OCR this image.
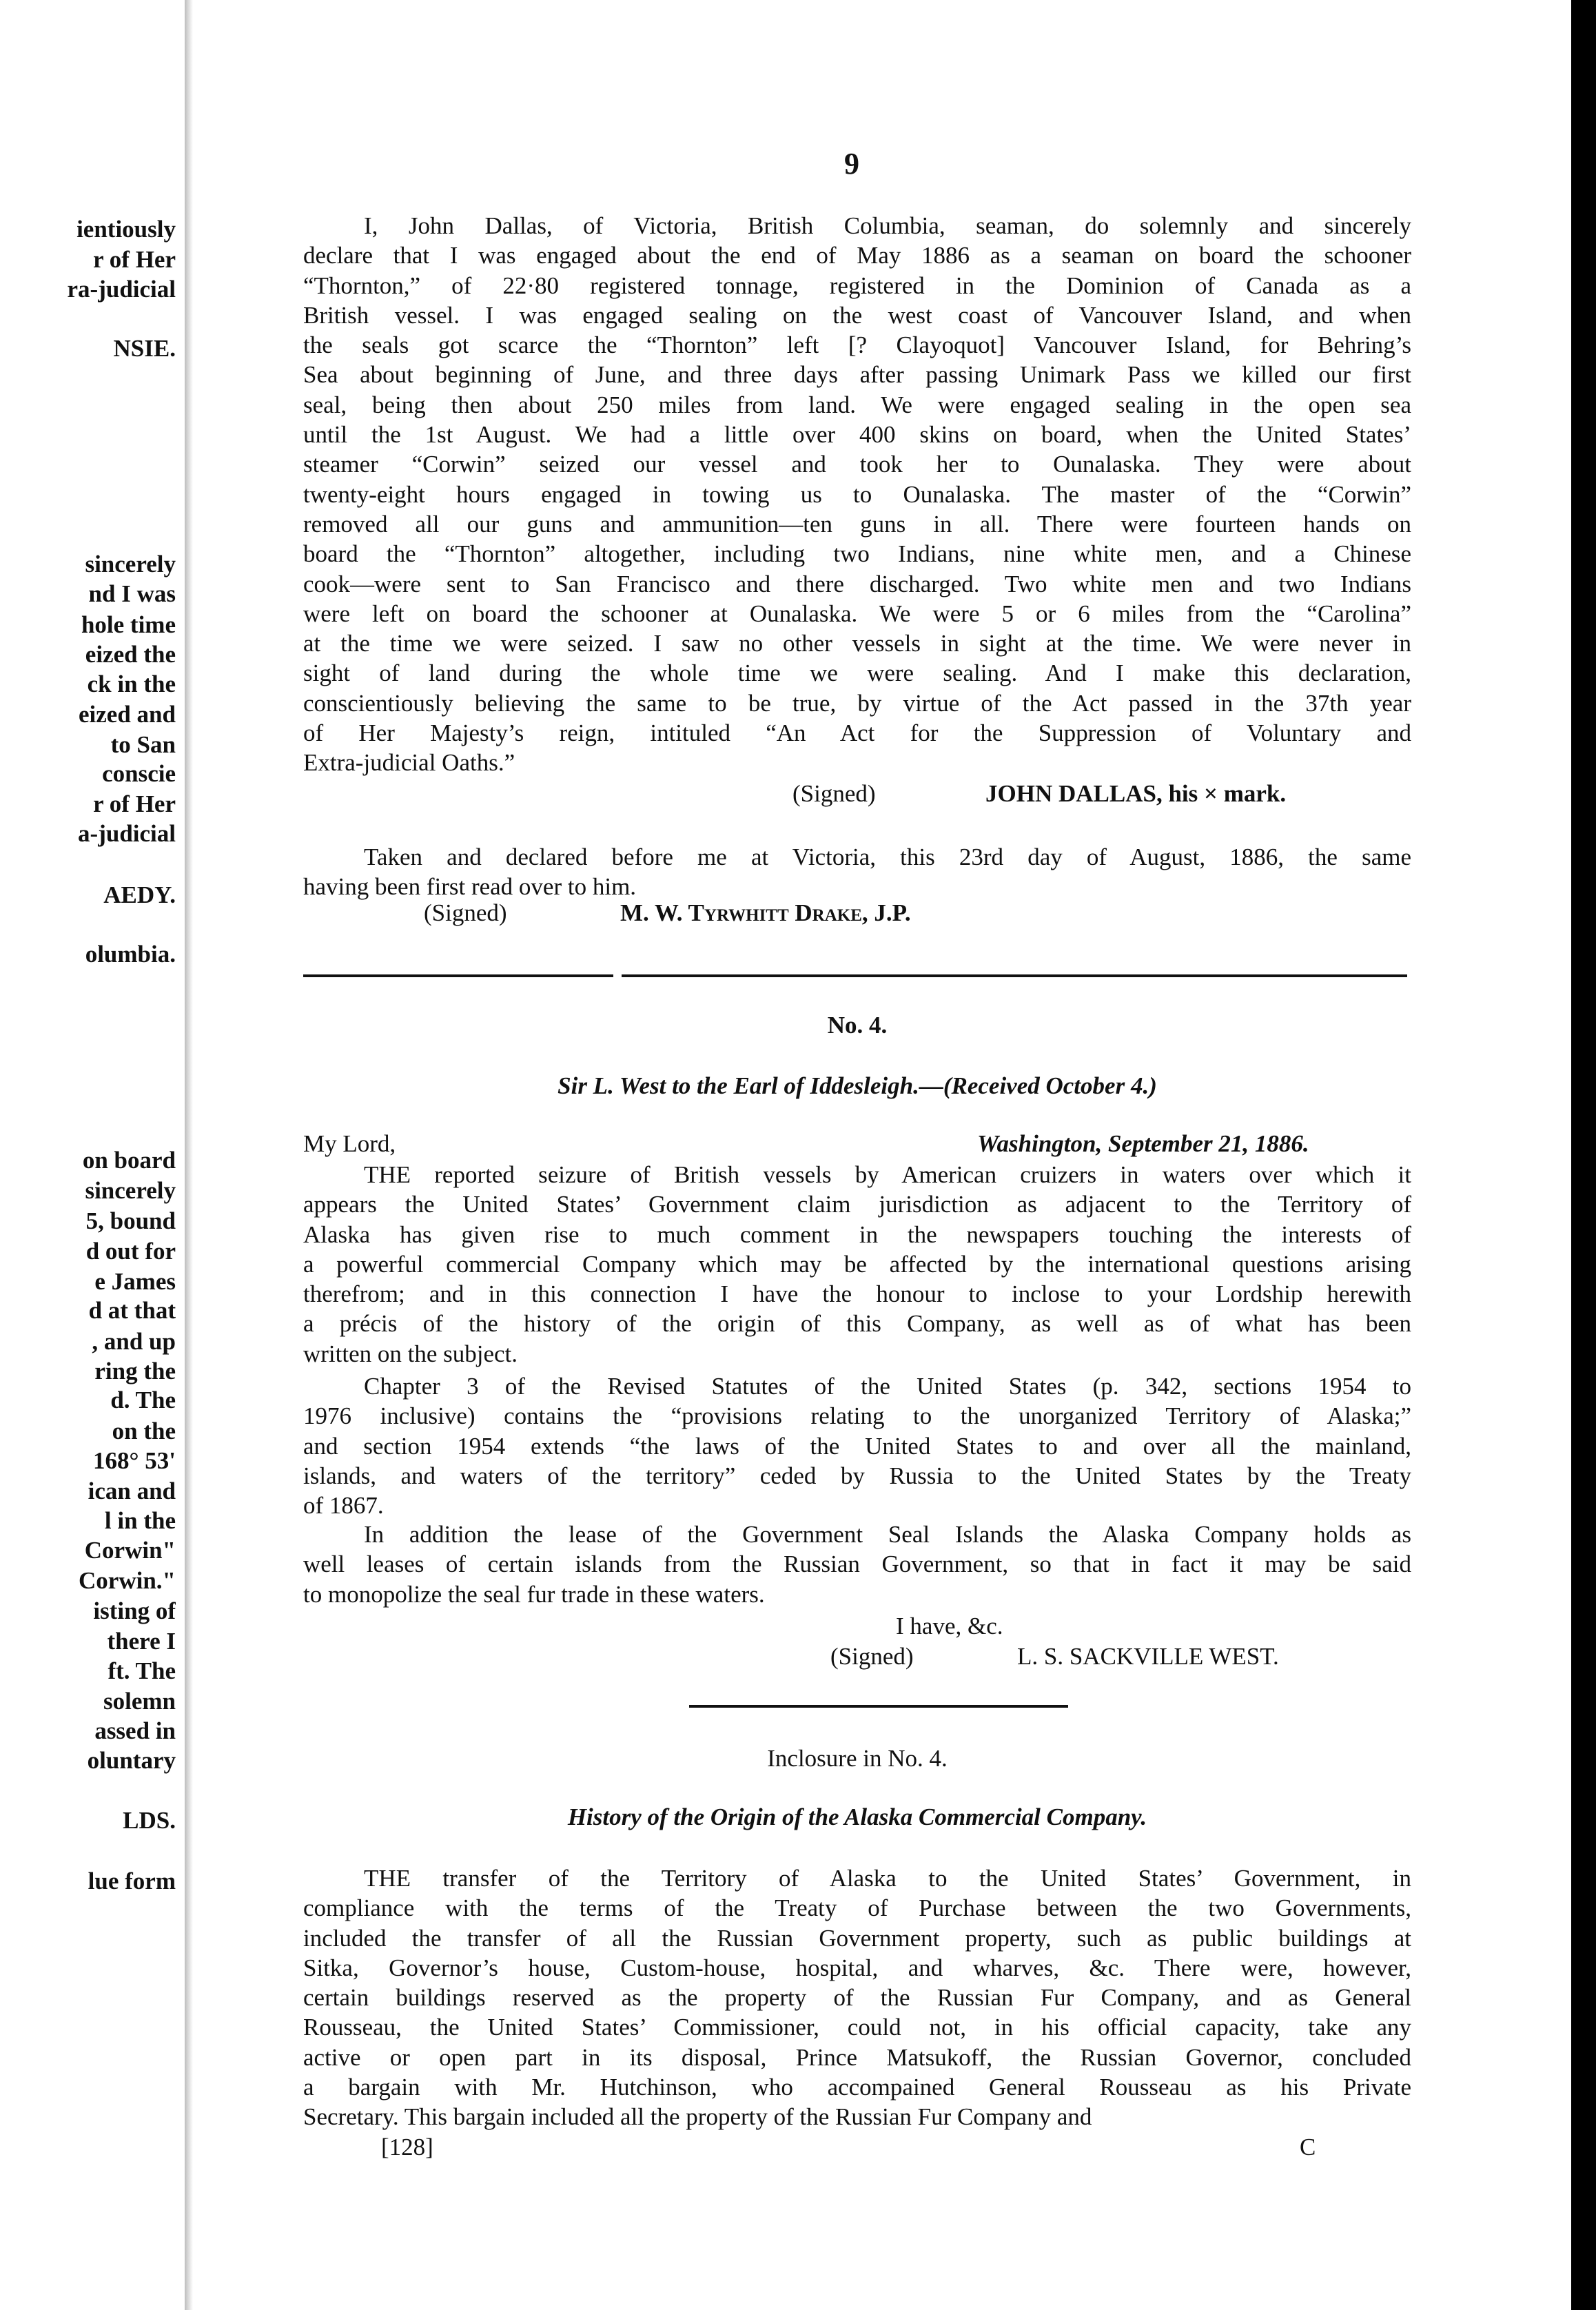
ientiously
r of Her
ra-judicial
NSIE.
sincerely
nd I was
hole time
eized the
ck in the
eized and
to San
conscie
r of Her
a-judicial
AEDY.
olumbia.
on board
sincerely
5, bound
d out for
e James
d at that
, and up
ring the
d. The
on the
168° 53'
ican and
l in the
Corwin"
Corwin."
isting of
there I
ft. The
solemn
assed in
oluntary
LDS.
lue form
9
I, John Dallas, of Victoria, British Columbia, seaman, do solemnly and sincerely
declare that I was engaged about the end of May 1886 as a seaman on board the schooner
“Thornton,” of 22·80 registered tonnage, registered in the Dominion of Canada as a
British vessel. I was engaged sealing on the west coast of Vancouver Island, and when
the seals got scarce the “Thornton” left [? Clayoquot] Vancouver Island, for Behring’s
Sea about beginning of June, and three days after passing Unimark Pass we killed our first
seal, being then about 250 miles from land. We were engaged sealing in the open sea
until the 1st August. We had a little over 400 skins on board, when the United States’
steamer “Corwin” seized our vessel and took her to Ounalaska. They were about
twenty-eight hours engaged in towing us to Ounalaska. The master of the “Corwin”
removed all our guns and ammunition—ten guns in all. There were fourteen hands on
board the “Thornton” altogether, including two Indians, nine white men, and a Chinese
cook—were sent to San Francisco and there discharged. Two white men and two Indians
were left on board the schooner at Ounalaska. We were 5 or 6 miles from the “Carolina”
at the time we were seized. I saw no other vessels in sight at the time. We were never in
sight of land during the whole time we were sealing. And I make this declaration,
conscientiously believing the same to be true, by virtue of the Act passed in the 37th year
of Her Majesty’s reign, intituled “An Act for the Suppression of Voluntary and
Extra-judicial Oaths.”
(Signed)	JOHN DALLAS, his × mark.
Taken and declared before me at Victoria, this 23rd day of August, 1886, the same
having been first read over to him.
(Signed)	M. W. Tyrwhitt Drake, J.P.
No. 4.
Sir L. West to the Earl of Iddesleigh.—(Received October 4.)
My Lord,	Washington, September 21, 1886.
THE reported seizure of British vessels by American cruizers in waters over which it
appears the United States’ Government claim jurisdiction as adjacent to the Territory of
Alaska has given rise to much comment in the newspapers touching the interests of
a powerful commercial Company which may be affected by the international questions arising
therefrom; and in this connection I have the honour to inclose to your Lordship herewith
a précis of the history of the origin of this Company, as well as of what has been
written on the subject.
Chapter 3 of the Revised Statutes of the United States (p. 342, sections 1954 to
1976 inclusive) contains the “provisions relating to the unorganized Territory of Alaska;”
and section 1954 extends “the laws of the United States to and over all the mainland,
islands, and waters of the territory” ceded by Russia to the United States by the Treaty
of 1867.
In addition the lease of the Government Seal Islands the Alaska Company holds as
well leases of certain islands from the Russian Government, so that in fact it may be said
to monopolize the seal fur trade in these waters.
I have, &c.
(Signed)	L. S. SACKVILLE WEST.
Inclosure in No. 4.
History of the Origin of the Alaska Commercial Company.
THE transfer of the Territory of Alaska to the United States’ Government, in
compliance with the terms of the Treaty of Purchase between the two Governments,
included the transfer of all the Russian Government property, such as public buildings at
Sitka, Governor’s house, Custom-house, hospital, and wharves, &c. There were, however,
certain buildings reserved as the property of the Russian Fur Company, and as General
Rousseau, the United States’ Commissioner, could not, in his official capacity, take any
active or open part in its disposal, Prince Matsukoff, the Russian Governor, concluded
a bargain with Mr. Hutchinson, who accompained General Rousseau as his Private
Secretary. This bargain included all the property of the Russian Fur Company and
[128]	C
